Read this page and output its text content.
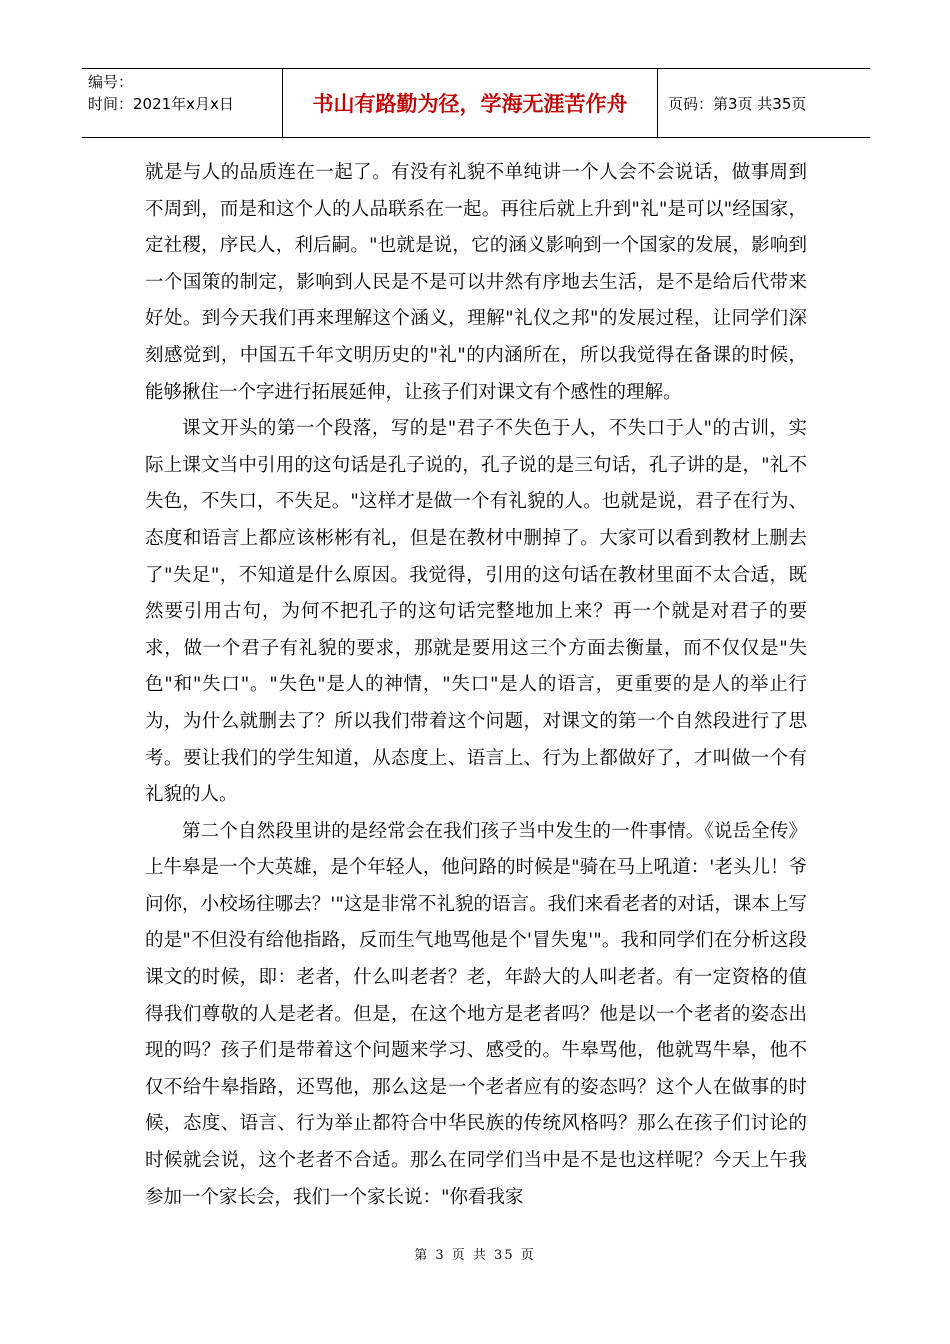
编号：
时间：2021年x月x日	书山有路勤为径，学海无涯苦作舟	页码：第3页 共35页

就是与人的品质连在一起了。有没有礼貌不单纯讲一个人会不会说话，做事周到不周到，而是和这个人的人品联系在一起。再往后就上升到"礼"是可以"经国家，定社稷，序民人，利后嗣。"也就是说，它的涵义影响到一个国家的发展，影响到一个国策的制定，影响到人民是不是可以井然有序地去生活，是不是给后代带来好处。到今天我们再来理解这个涵义，理解"礼仪之邦"的发展过程，让同学们深刻感觉到，中国五千年文明历史的"礼"的内涵所在，所以我觉得在备课的时候，能够揪住一个字进行拓展延伸，让孩子们对课文有个感性的理解。

课文开头的第一个段落，写的是"君子不失色于人，不失口于人"的古训，实际上课文当中引用的这句话是孔子说的，孔子说的是三句话，孔子讲的是，"礼不失色，不失口，不失足。"这样才是做一个有礼貌的人。也就是说，君子在行为、态度和语言上都应该彬彬有礼，但是在教材中删掉了。大家可以看到教材上删去了"失足"，不知道是什么原因。我觉得，引用的这句话在教材里面不太合适，既然要引用古句，为何不把孔子的这句话完整地加上来？再一个就是对君子的要求，做一个君子有礼貌的要求，那就是要用这三个方面去衡量，而不仅仅是"失色"和"失口"。"失色"是人的神情，"失口"是人的语言，更重要的是人的举止行为，为什么就删去了？所以我们带着这个问题，对课文的第一个自然段进行了思考。要让我们的学生知道，从态度上、语言上、行为上都做好了，才叫做一个有礼貌的人。

第二个自然段里讲的是经常会在我们孩子当中发生的一件事情。《说岳全传》上牛皋是一个大英雄，是个年轻人，他问路的时候是"骑在马上吼道：'老头儿！爷问你，小校场往哪去？'"这是非常不礼貌的语言。我们来看老者的对话，课本上写的是"不但没有给他指路，反而生气地骂他是个'冒失鬼'"。我和同学们在分析这段课文的时候，即：老者，什么叫老者？老，年龄大的人叫老者。有一定资格的值得我们尊敬的人是老者。但是，在这个地方是老者吗？他是以一个老者的姿态出现的吗？孩子们是带着这个问题来学习、感受的。牛皋骂他，他就骂牛皋，他不仅不给牛皋指路，还骂他，那么这是一个老者应有的姿态吗？这个人在做事的时候，态度、语言、行为举止都符合中华民族的传统风格吗？那么在孩子们讨论的时候就会说，这个老者不合适。那么在同学们当中是不是也这样呢？今天上午我参加一个家长会，我们一个家长说："你看我家

第 3 页 共 35 页
